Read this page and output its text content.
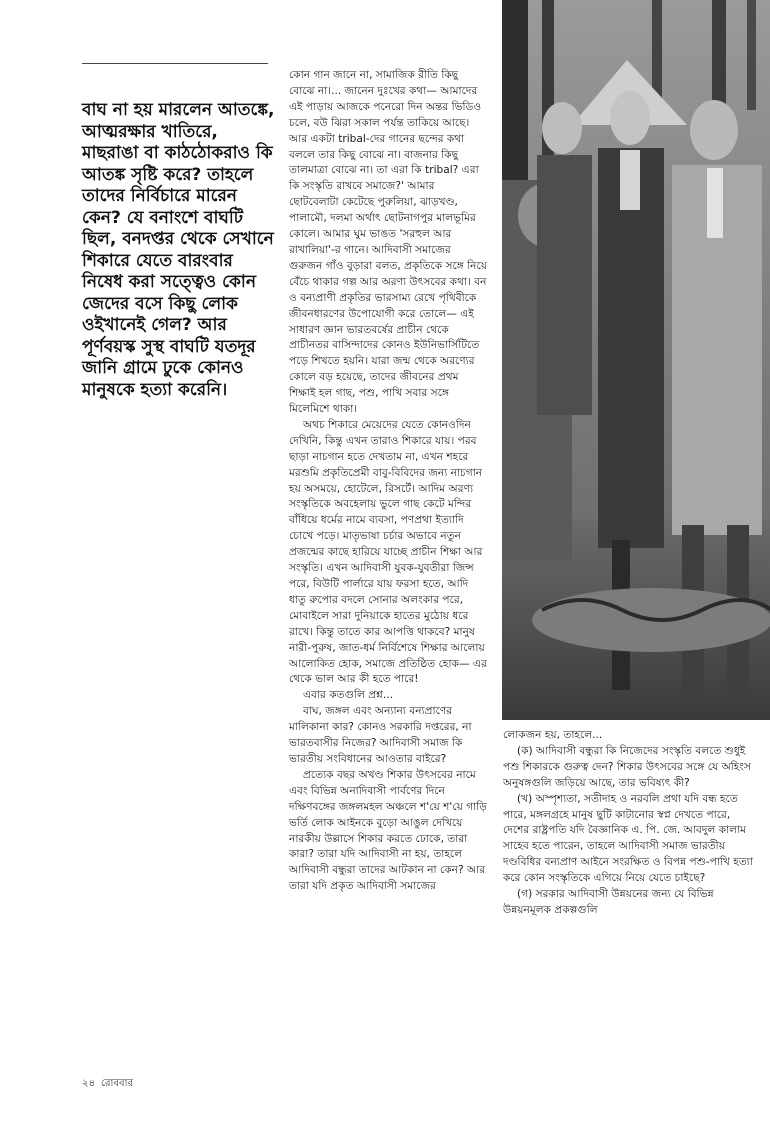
বাঘ না হয় মারলেন আতঙ্কে, আত্মরক্ষার খাতিরে, মাছরাঙা বা কাঠঠোকরাও কি আতঙ্ক সৃষ্টি করে? তাহলে তাদের নির্বিচারে মারেন কেন? যে বনাংশে বাঘটি ছিল, বনদপ্তর থেকে সেখানে শিকারে যেতে বারংবার নিষেধ করা সত্ত্বেও কোন জেদের বসে কিছু লোক ওইখানেই গেল? আর পূর্ণবয়স্ক সুস্থ বাঘটি যতদূর জানি গ্রামে ঢুকে কোনও মানুষকে হত্যা করেনি।

কোন গান জানে না, সামাজিক রীতি কিছু বোঝে না।... জানেন দুঃখের কথা— আমাদের এই পাড়ায় আজকে পনেরো দিন অন্তর ভিডিও চলে, বউ ঝিরা সকাল পর্যন্ত তাকিয়ে আছে। আর একটা tribal-দের গানের ছন্দের কথা বললে তার কিছু বোঝে না। বাজনার কিছু তালমাত্রা বোঝে না। তা এরা কি tribal? এরা কি সংস্কৃতি রাখবে সমাজে?' আমার ছোটবেলাটা কেটেছে পুরুলিয়া, ঝাড়খণ্ড, পালামৌ, দলমা অর্থাৎ ছোটনাগপুর মালভূমির কোলে। আমার ঘুম ভাঙত 'সরহুল আর রাখালিয়া'-র গানে। আদিবাসী সমাজের গুরুজন গাঁও বুড়ারা বলত, প্রকৃতিকে সঙ্গে নিয়ে বেঁচে থাকার গল্প আর অরণ্য উৎসবের কথা। বন ও বন্যপ্রাণী প্রকৃতির ভারসাম্য রেখে পৃথিবীকে জীবনধারণের উপোযোগী করে তোলে— এই সাধারণ জ্ঞান ভারতবর্ষের প্রাচীন থেকে প্রাচীনতর বাসিন্দাদের কোনও ইউনিভার্সিটিতে পড়ে শিখতে হয়নি। যারা জন্ম থেকে অরণ্যের কোলে বড় হয়েছে, তাদের জীবনের প্রথম শিক্ষাই হল গাছ, পশু, পাখি সবার সঙ্গে মিলেমিশে থাকা।

অথচ শিকারে মেয়েদের যেতে কোনওদিন দেখিনি, কিন্তু এখন তারাও শিকারে যায়। পরব ছাড়া নাচগান হতে দেখতাম না, এখন শহরে মরশুমি প্রকৃতিপ্রেমী বাবু-বিবিদের জন্য নাচগান হয় অসময়ে, হোটেলে, রিসর্টে। আদিম অরণ্য সংস্কৃতিকে অবহেলায় ভুলে গাছ কেটে মন্দির বাঁধিয়ে ধর্মের নামে ব্যবসা, পণপ্রথা ইত্যাদি চোখে পড়ে। মাতৃভাষা চর্চার অভাবে নতুন প্রজন্মের কাছে হারিয়ে যাচ্ছে প্রাচীন শিক্ষা আর সংস্কৃতি। এখন আদিবাসী যুবক-যুবতীরা জিন্স পরে, বিউটি পার্লারে যায় ফরসা হতে, আদি ধাতু রুপোর বদলে সোনার অলংকার পরে, মোবাইলে সারা দুনিয়াকে হাতের মুঠোয় ধরে রাখে। কিন্তু তাতে কার আপত্তি থাকবে? মানুষ নারী-পুরুষ, জাত-ধর্ম নির্বিশেষে শিক্ষার আলোয় আলোকিত হোক, সমাজে প্রতিষ্ঠিত হোক— এর থেকে ভাল আর কী হতে পারে!

এবার কতগুলি প্রশ্ন...

বাঘ, জঙ্গল এবং অন্যান্য বন্যপ্রাণের মালিকানা কার? কোনও সরকারি দপ্তরের, না ভারতবাসীর নিজের? আদিবাসী সমাজ কি ভারতীয় সংবিধানের আওতার বাইরে?

প্রত্যেক বছর অখণ্ড শিকার উৎসবের নামে এবং বিভিন্ন অনাদিবাসী পার্বণের দিনে দক্ষিণবঙ্গের জঙ্গলমহল অঞ্চলে শ'য়ে শ'য়ে গাড়ি ভর্তি লোক আইনকে বুড়ো আঙুল দেখিয়ে নারকীয় উল্লাসে শিকার করতে ঢোকে, তারা কারা? তারা যদি আদিবাসী না হয়, তাহলে আদিবাসী বন্ধুরা তাদের আটকান না কেন? আর তারা যদি প্রকৃত আদিবাসী সমাজের

লোকজন হয়, তাহলে...

(ক) আদিবাসী বন্ধুরা কি নিজেদের সংস্কৃতি বলতে শুধুই পশু শিকারকে গুরুত্ব দেন? শিকার উৎসবের সঙ্গে যে অহিংস অনুষঙ্গগুলি জড়িয়ে আছে, তার ভবিষ্যৎ কী?

(খ) অস্পৃশ্যতা, সতীদাহ ও নরবলি প্রথা যদি বন্ধ হতে পারে, মঙ্গলগ্রহে মানুষ ছুটি কাটানোর স্বপ্ন দেখতে পারে, দেশের রাষ্ট্রপতি যদি বৈজ্ঞানিক এ. পি. জে. আবদুল কালাম সাহেব হতে পারেন, তাহলে আদিবাসী সমাজ ভারতীয় দণ্ডবিধির বন্যপ্রাণ আইনে সংরক্ষিত ও বিপন্ন পশু-পাখি হত্যা করে কোন সংস্কৃতিকে এগিয়ে নিয়ে যেতে চাইছে?

(গ) সরকার আদিবাসী উন্নয়নের জন্য যে বিভিন্ন উন্নয়নমূলক প্রকল্পগুলি

২৪ রোববার
